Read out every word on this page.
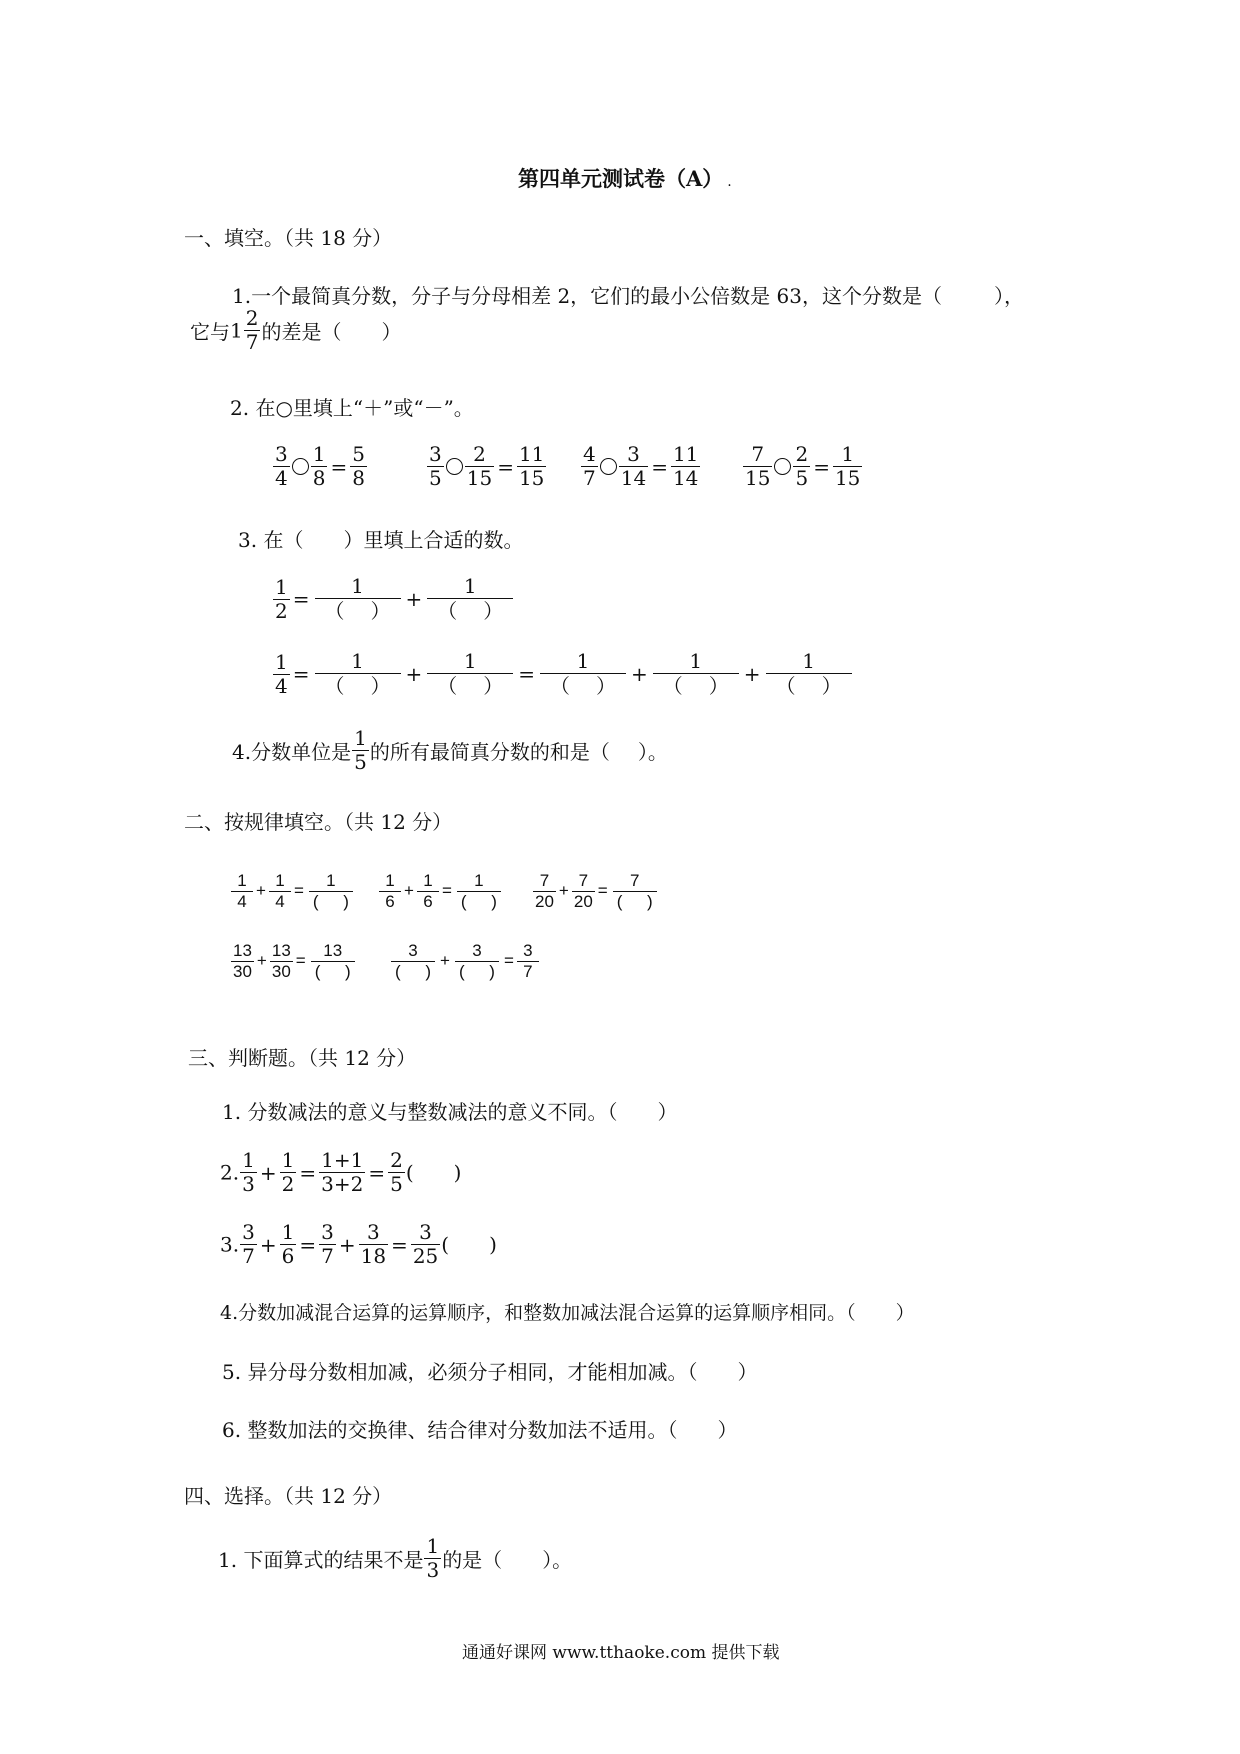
第四单元测试卷（A） .
一、填空。（共 18 分）
1.一个最简真分数，分子与分母相差 2，它们的最小公倍数是 63，这个分数是（	），
它与$1 \frac{2}{7}$ 的差是（ ）
2. 在○里填上“＋”或“－”。
$\frac{3}{4} \frac{1}{8} = \frac{5}{8}$	$\frac{3}{5} \frac{2}{15} = \frac{11}{15} \frac{4}{7} \frac{3}{14} = \frac{11}{14} \frac{7}{15} \frac{2}{5} = \frac{1}{15}$
3. 在（ ）里填上合适的数。
$\frac{1}{2} = \frac{1}{( )} + \frac{1}{( )}$
$\frac{1}{4} = \frac{1}{( )} + \frac{1}{( )} = \frac{1}{( )} + \frac{1}{( )} + \frac{1}{( )}$
4.分数单位是 $\frac{1}{5}$ 的所有最简真分数的和是（ ）。
二、按规律填空。（共 12 分）
$\frac{1}{4} + \frac{1}{4} = \frac{1}{( )} \frac{1}{6} + \frac{1}{6} = \frac{1}{( )} \frac{7}{20} + \frac{7}{20} = \frac{7}{( )}$
$\frac{13}{30} + \frac{13}{30} = \frac{13}{( )} \frac{3}{( )} + \frac{3}{( )} = \frac{3}{7}$
三、判断题。（共 12 分）
1. 分数减法的意义与整数减法的意义不同。（ ）
2. $\frac{1}{3} + \frac{1}{2} = \frac{1+1}{3+2} = \frac{2}{5}$ ( )
3. $\frac{3}{7} + \frac{1}{6} = \frac{3}{7} + \frac{3}{18} = \frac{3}{25}$ ( )
4.分数加减混合运算的运算顺序，和整数加减法混合运算的运算顺序相同。（ ）
5. 异分母分数相加减，必须分子相同，才能相加减。（ ）
6. 整数加法的交换律、结合律对分数加法不适用。（ ）
四、选择。（共 12 分）
1. 下面算式的结果不是 $\frac{1}{3}$ 的是（ ）。
通通好课网 www.tthaoke.com 提供下载
